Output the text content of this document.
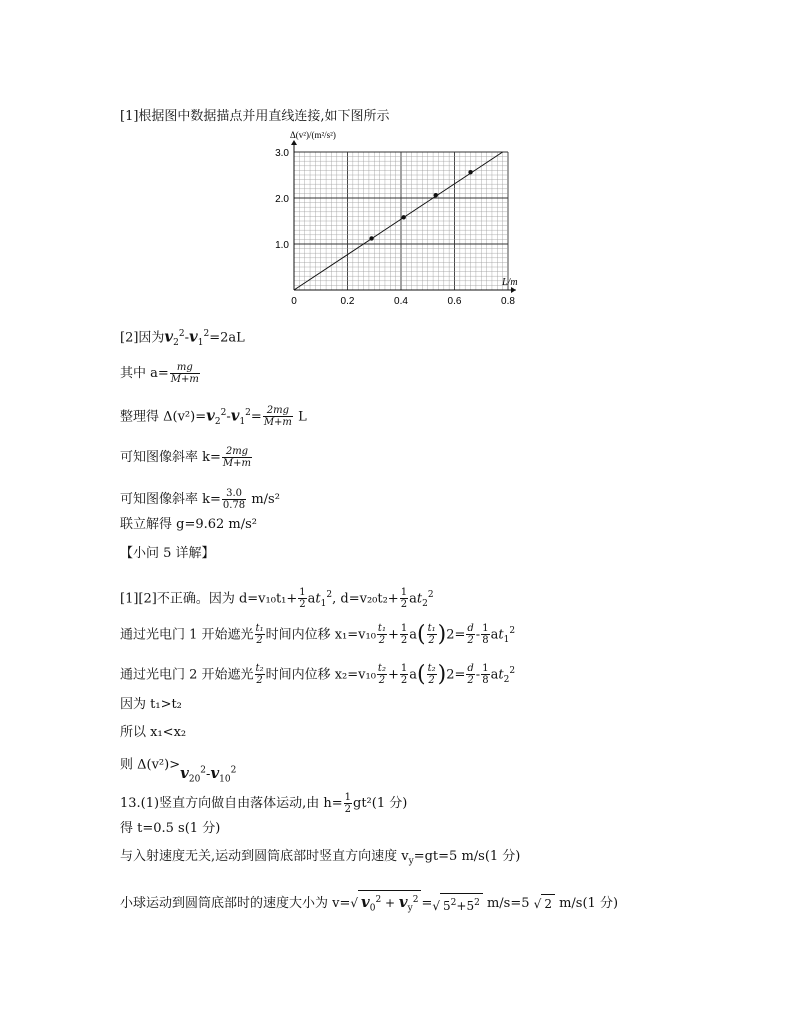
[1]根据图中数据描点并用直线连接,如下图所示
0	0.2	0.4	0.6	0.8
1.0
2.0
3.0
Δ(v²)/(m²/s²)
L/m
[2]因为$v_2^2-v_1^2=2aL$
其中 $a= \frac{mg}{M+m}$
整理得 $\Delta(v^2)=v_2^2-v_1^2= \frac{2mg}{M+m}$ L
可知图像斜率 $k= \frac{2mg}{M+m}$
可知图像斜率 $k= \frac{3.0}{0.78} m/s^2$
联立解得 g=9.62 m/s²
【小问 5 详解】
[1][2]不正确。因为 $d=v_{10}t_1+ \frac{1}{2} at_1^2$, $d=v_{20}t_2+ \frac{1}{2} at_2^2$
通过光电门 1 开始遮光 $\frac{\text{t₁}}{2}$ 时间内位移 $x_1=v_{10} \frac{\text{t₁}}{2} + \frac{1}{2} a( \frac{\text{t₁}}{2} )2= \frac{d}{2} - \frac{1}{8} at_1^2$
通过光电门 2 开始遮光 $\frac{\text{t₂}}{2}$ 时间内位移 $x_2=v_{10} \frac{\text{t₂}}{2} + \frac{1}{2} a( \frac{\text{t₂}}{2} )2= \frac{d}{2} - \frac{1}{8} at_2^2$
因为 t₁>t₂
所以 x₁<x₂
则 $\Delta(v^2)>v_{20}^2-v_{10}^2$
13.(1)竖直方向做自由落体运动,由 $h= \frac{1}{2} gt^2(1$ 分)
得 t=0.5 s(1 分)
与入射速度无关,运动到圆筒底部时竖直方向速度 $v_y=gt=5$ m/s(1 分)
小球运动到圆筒底部时的速度大小为 v=√ $v_0^2 + v_y^2$ =√ $5^2+5^2$ m/s=5 √ 2 m/s(1 分)
